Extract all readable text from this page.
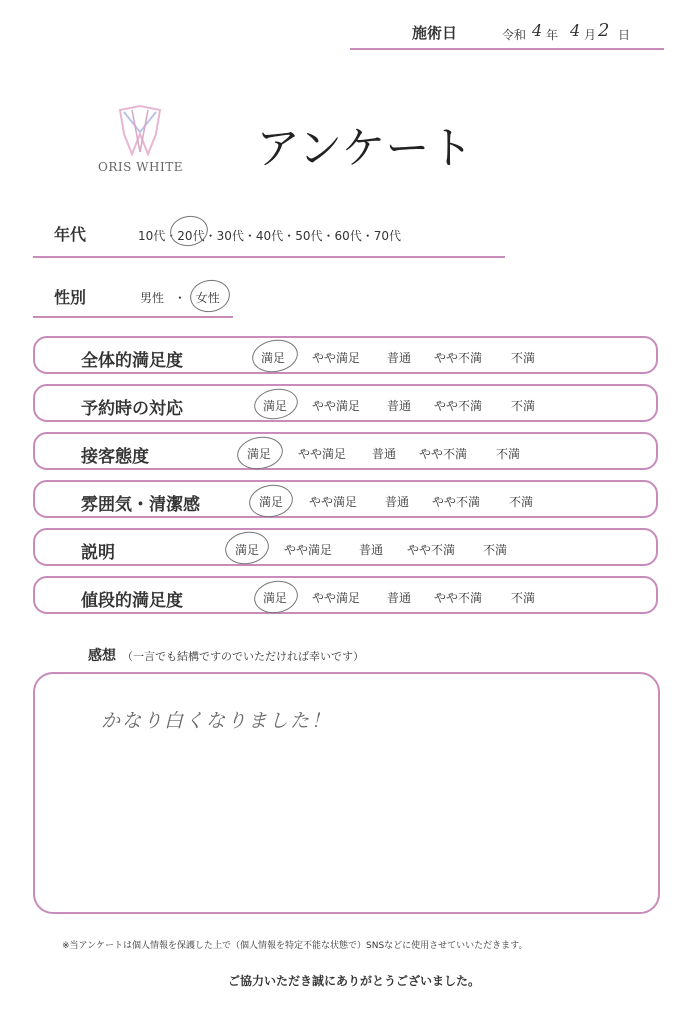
施術日	令和 4 年 4 月 2 日
ORIS WHITE アンケート
年代	10代・20代・30代・40代・50代・60代・70代
性別	男性 ・ 女性
全体的満足度	満足 やや満足 普通 やや不満 不満
予約時の対応	満足 やや満足 普通 やや不満 不満
接客態度	満足 やや満足 普通 やや不満 不満
雰囲気・清潔感	満足 やや満足 普通 やや不満 不満
説明	満足 やや満足 普通 やや不満 不満
値段的満足度	満足 やや満足 普通 やや不満 不満
感想 （一言でも結構ですのでいただければ幸いです）
かなり白くなりました！
※当アンケートは個人情報を保護した上で（個人情報を特定不能な状態で）SNSなどに使用させていいただきます。
ご協力いただき誠にありがとうございました。
